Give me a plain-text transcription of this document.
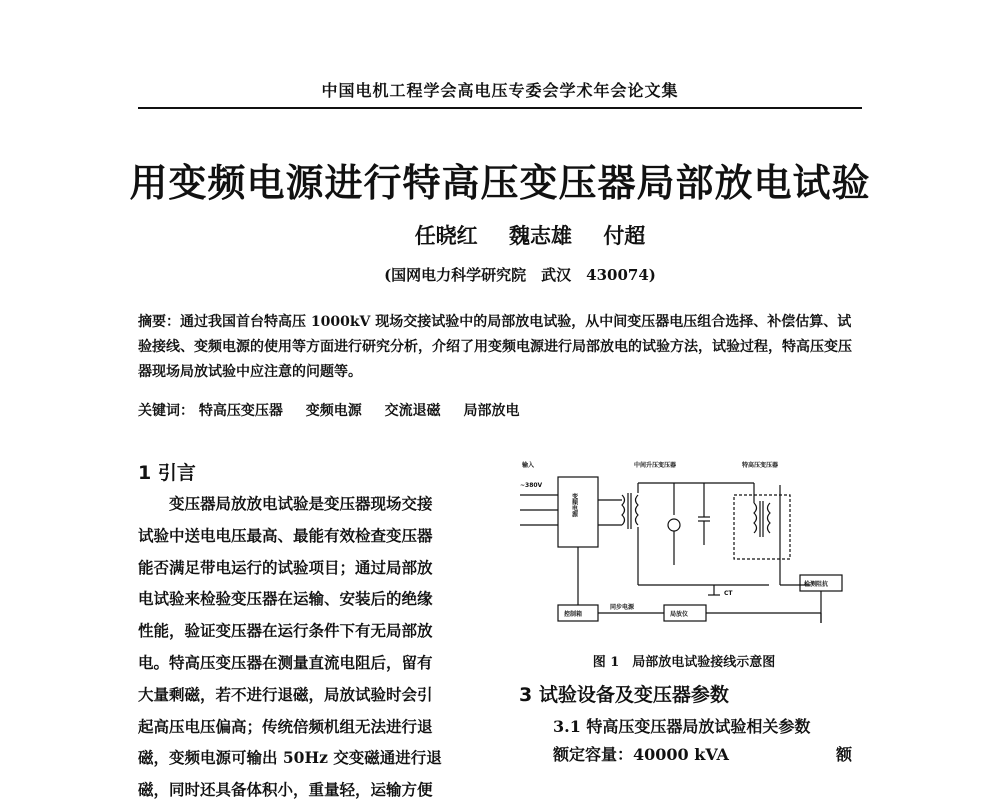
中国电机工程学会高电压专委会学术年会论文集
用变频电源进行特高压变压器局部放电试验
任晓红 魏志雄 付超
(国网电力科学研究院　武汉　430074)
摘要：通过我国首台特高压 1000kV 现场交接试验中的局部放电试验，从中间变压器电压组合选择、补偿估算、试验接线、变频电源的使用等方面进行研究分析，介绍了用变频电源进行局部放电的试验方法，试验过程，特高压变压器现场局放试验中应注意的问题等。
关键词： 特高压变压器 变频电源 交流退磁 局部放电
1 引言
变压器局放放电试验是变压器现场交接
试验中送电电压最高、最能有效检查变压器
能否满足带电运行的试验项目；通过局部放
电试验来检验变压器在运输、安装后的绝缘
性能，验证变压器在运行条件下有无局部放
电。特高压变压器在测量直流电阻后，留有
大量剩磁，若不进行退磁，局放试验时会引
起高压电压偏高；传统倍频机组无法进行退
磁，变频电源可输出 50Hz 交变磁通进行退
磁，同时还具备体积小，重量轻，运输方便
输入
~380V
中间升压变压器	特高压变压器
变频电源
控制箱
同步电源
局放仪
检测阻抗
CT
图 1　局部放电试验接线示意图
3 试验设备及变压器参数
3.1 特高压变压器局放试验相关参数
额定容量：40000 kVA	额
